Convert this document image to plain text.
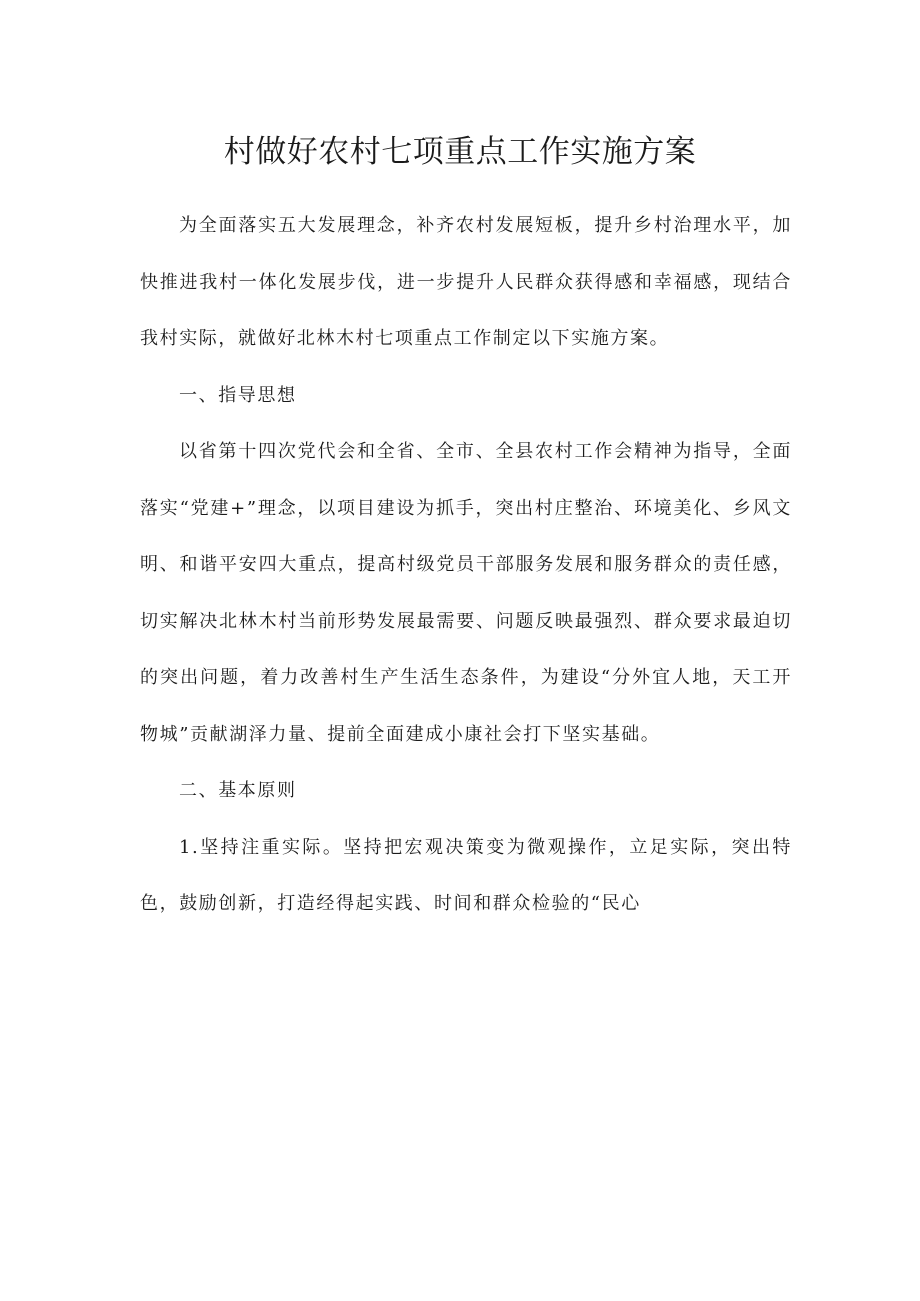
村做好农村七项重点工作实施方案

为全面落实五大发展理念，补齐农村发展短板，提升乡村治理水平，加快推进我村一体化发展步伐，进一步提升人民群众获得感和幸福感，现结合我村实际，就做好北林木村七项重点工作制定以下实施方案。

一、指导思想

以省第十四次党代会和全省、全市、全县农村工作会精神为指导，全面落实“党建+”理念，以项目建设为抓手，突出村庄整治、环境美化、乡风文明、和谐平安四大重点，提高村级党员干部服务发展和服务群众的责任感，切实解决北林木村当前形势发展最需要、问题反映最强烈、群众要求最迫切的突出问题，着力改善村生产生活生态条件，为建设“分外宜人地，天工开物城”贡献湖泽力量、提前全面建成小康社会打下坚实基础。

二、基本原则

1.坚持注重实际。坚持把宏观决策变为微观操作，立足实际，突出特色，鼓励创新，打造经得起实践、时间和群众检验的“民心
